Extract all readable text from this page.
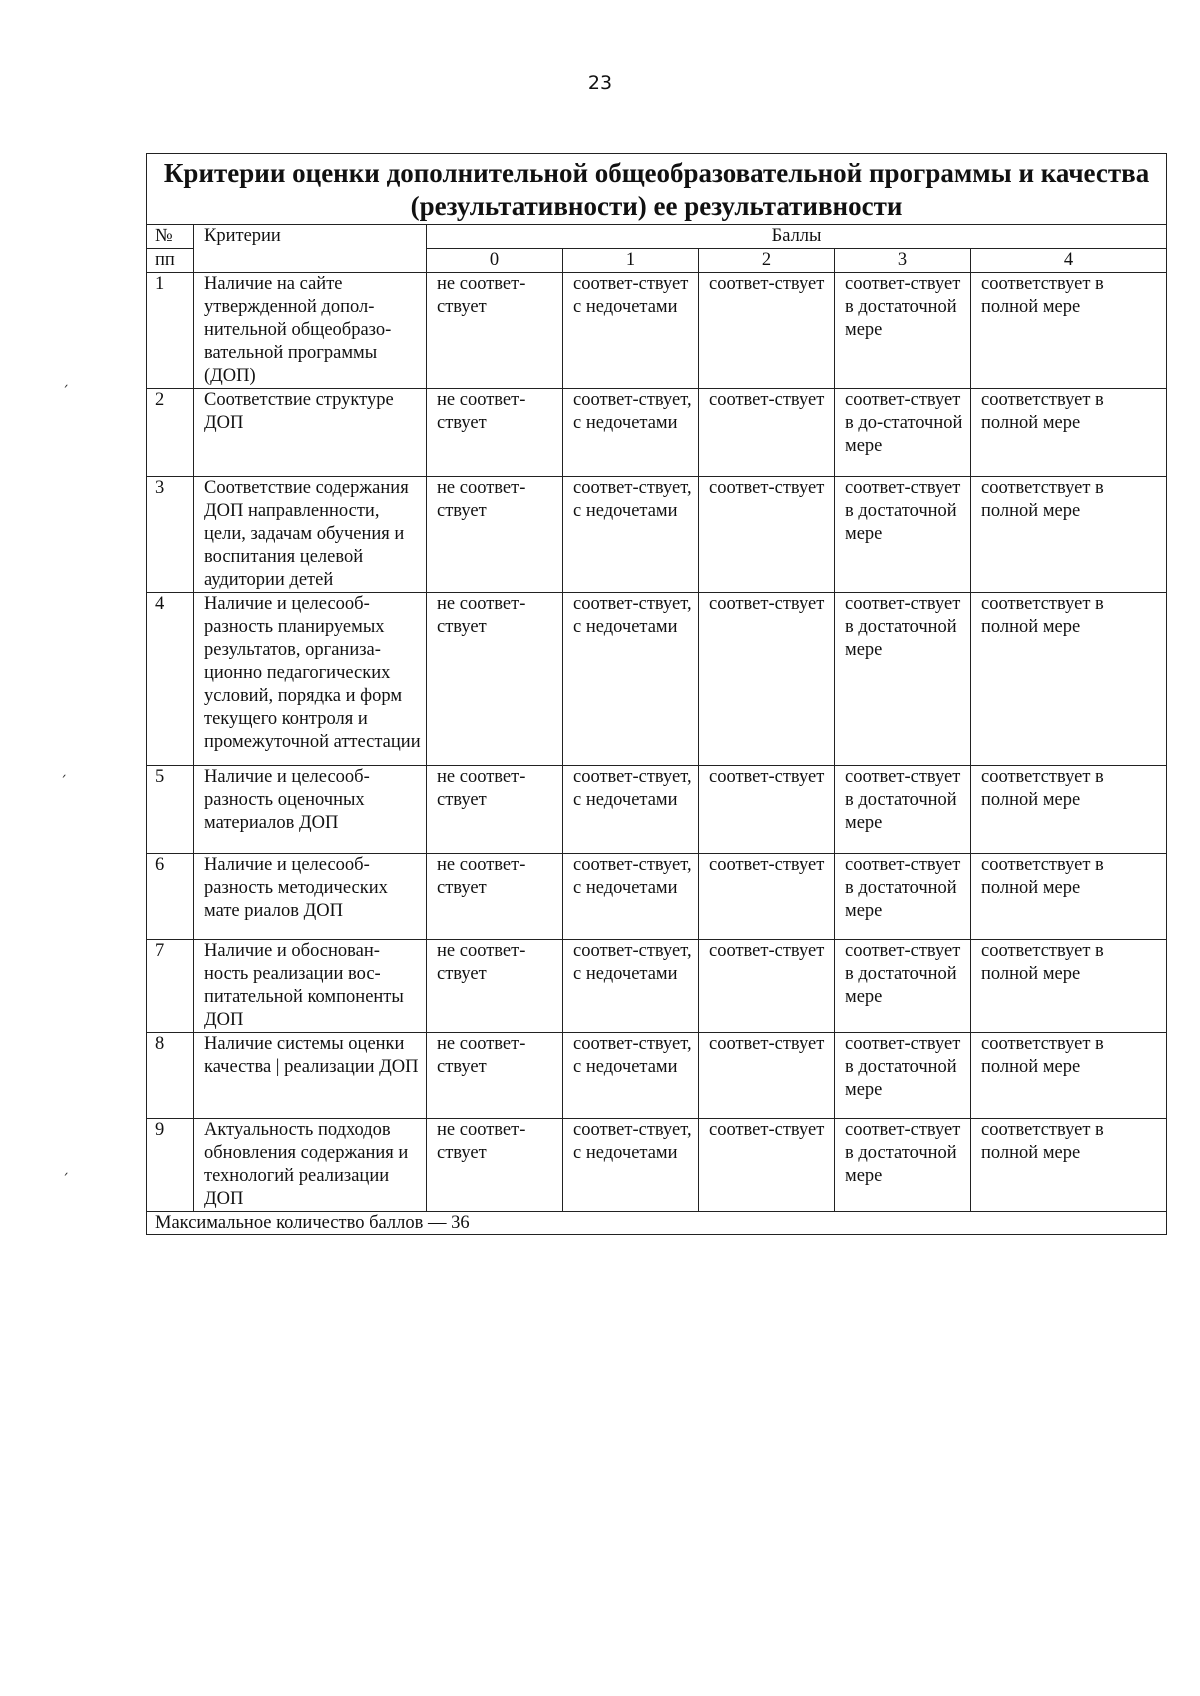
23
Критерии оценки дополнительной общеобразовательной программы и качества (результативности) ее результативности						
№	Критерии	Баллы				
пп		0	1	2	3	4
1	Наличие на сайте утвержденной допол-нительной общеобразо-вательной программы (ДОП)	не соответ-ствует	соответ-ствует с недочетами	соответ-ствует	соответ-ствует в достаточной мере	соответствует в полной мере
2	Соответствие структуре ДОП	не соответ-ствует	соответ-ствует, с недочетами	соответ-ствует	соответ-ствует в до-статочной мере	соответствует в полной мере
3	Соответствие содержания ДОП направленности, цели, задачам обучения и воспитания целевой аудитории детей	не соответ-ствует	соответ-ствует, с недочетами	соответ-ствует	соответ-ствует в достаточной мере	соответствует в полной мере
4	Наличие и целесооб-разность планируемых результатов, организа-ционно педагогических условий, порядка и форм текущего контроля и промежуточной аттестации	не соответ-ствует	соответ-ствует, с недочетами	соответ-ствует	соответ-ствует в достаточной мере	соответствует в полной мере
5	Наличие и целесооб-разность оценочных материалов ДОП	не соответ-ствует	соответ-ствует, с недочетами	соответ-ствует	соответ-ствует в достаточной мере	соответствует в полной мере
6	Наличие и целесооб-разность методических мате риалов ДОП	не соответ-ствует	соответ-ствует, с недочетами	соответ-ствует	соответ-ствует в достаточной мере	соответствует в полной мере
7	Наличие и обоснован-ность реализации вос-питательной компоненты ДОП	не соответ-ствует	соответ-ствует, с недочетами	соответ-ствует	соответ-ствует в достаточной мере	соответствует в полной мере
8	Наличие системы оценки качества | реализации ДОП	не соответ-ствует	соответ-ствует, с недочетами	соответ-ствует	соответ-ствует в достаточной мере	соответствует в полной мере
9	Актуальность подходов обновления содержания и технологий реализации ДОП	не соответ-ствует	соответ-ствует, с недочетами	соответ-ствует	соответ-ствует в достаточной мере	соответствует в полной мере
Максимальное количество баллов — 36						
ˏ
ˏ
ˏ
